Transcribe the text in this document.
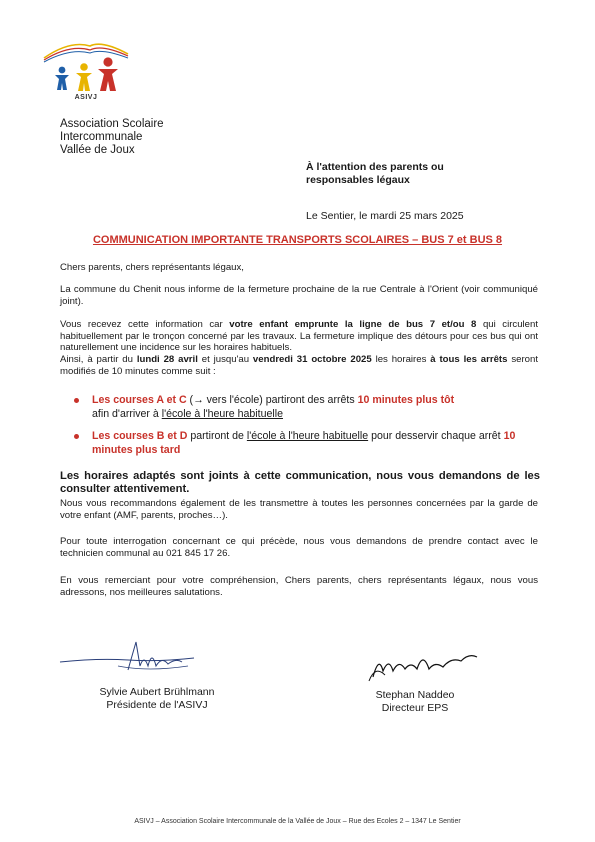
ASIVJ
Association Scolaire
Intercommunale
Vallée de Joux
À l'attention des parents ou
responsables légaux
Le Sentier, le mardi 25 mars 2025
COMMUNICATION IMPORTANTE TRANSPORTS SCOLAIRES – BUS 7 et BUS 8
Chers parents, chers représentants légaux,
La commune du Chenit nous informe de la fermeture prochaine de la rue Centrale à l'Orient (voir communiqué joint).
Vous recevez cette information car votre enfant emprunte la ligne de bus 7 et/ou 8 qui circulent habituellement par le tronçon concerné par les travaux. La fermeture implique des détours pour ces bus qui ont naturellement une incidence sur les horaires habituels.
Ainsi, à partir du lundi 28 avril et jusqu'au vendredi 31 octobre 2025 les horaires à tous les arrêts seront modifiés de 10 minutes comme suit :
Les courses A et C (→ vers l'école) partiront des arrêts 10 minutes plus tôt
afin d'arriver à l'école à l'heure habituelle
Les courses B et D partiront de l'école à l'heure habituelle pour desservir chaque arrêt 10 minutes plus tard
Les horaires adaptés sont joints à cette communication, nous vous demandons de les consulter attentivement.
Nous vous recommandons également de les transmettre à toutes les personnes concernées par la garde de votre enfant (AMF, parents, proches…).
Pour toute interrogation concernant ce qui précède, nous vous demandons de prendre contact avec le technicien communal au 021 845 17 26.
En vous remerciant pour votre compréhension, Chers parents, chers représentants légaux, nous vous adressons, nos meilleures salutations.
Sylvie Aubert Brühlmann
Présidente de l'ASIVJ
Stephan Naddeo
Directeur EPS
ASIVJ – Association Scolaire Intercommunale de la Vallée de Joux – Rue des Ecoles 2 – 1347 Le Sentier
